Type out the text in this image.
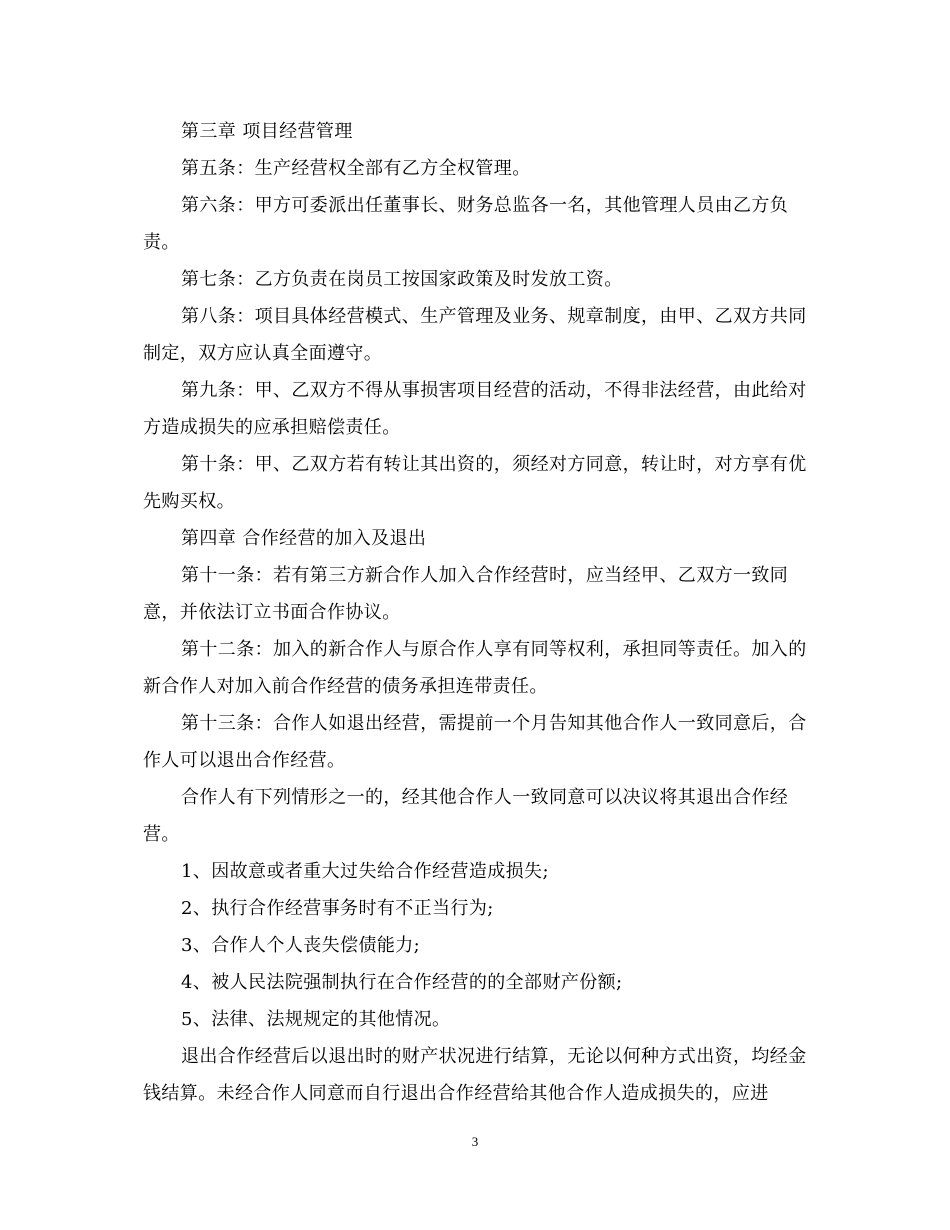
第三章 项目经营管理

第五条：生产经营权全部有乙方全权管理。

第六条：甲方可委派出任董事长、财务总监各一名，其他管理人员由乙方负责。

第七条：乙方负责在岗员工按国家政策及时发放工资。

第八条：项目具体经营模式、生产管理及业务、规章制度，由甲、乙双方共同制定，双方应认真全面遵守。

第九条：甲、乙双方不得从事损害项目经营的活动，不得非法经营，由此给对方造成损失的应承担赔偿责任。

第十条：甲、乙双方若有转让其出资的，须经对方同意，转让时，对方享有优先购买权。

第四章 合作经营的加入及退出

第十一条：若有第三方新合作人加入合作经营时，应当经甲、乙双方一致同意，并依法订立书面合作协议。

第十二条：加入的新合作人与原合作人享有同等权利，承担同等责任。加入的新合作人对加入前合作经营的债务承担连带责任。

第十三条：合作人如退出经营，需提前一个月告知其他合作人一致同意后，合作人可以退出合作经营。

合作人有下列情形之一的，经其他合作人一致同意可以决议将其退出合作经营。

1、因故意或者重大过失给合作经营造成损失;

2、执行合作经营事务时有不正当行为;

3、合作人个人丧失偿债能力;

4、被人民法院强制执行在合作经营的的全部财产份额;

5、法律、法规规定的其他情况。

退出合作经营后以退出时的财产状况进行结算，无论以何种方式出资，均经金钱结算。未经合作人同意而自行退出合作经营给其他合作人造成损失的，应进

3
